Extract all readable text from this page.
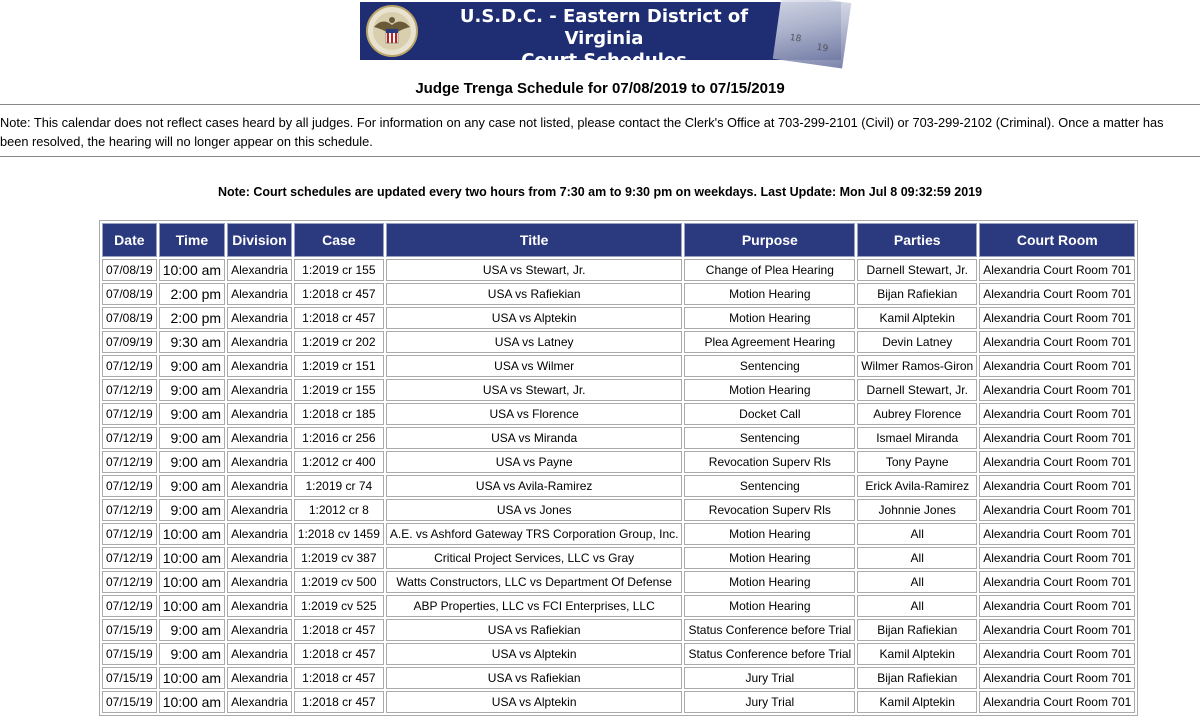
18
19
U.S.D.C. - Eastern District of Virginia
Court Schedules
Judge Trenga Schedule for 07/08/2019 to 07/15/2019
Note: This calendar does not reflect cases heard by all judges. For information on any case not listed, please contact the Clerk's Office at 703-299-2101 (Civil) or 703-299-2102 (Criminal). Once a matter has been resolved, the hearing will no longer appear on this schedule.
Note: Court schedules are updated every two hours from 7:30 am to 9:30 pm on weekdays. Last Update: Mon Jul 8 09:32:59 2019
Date	Time	Division	Case	Title	Purpose	Parties	Court Room
07/08/19	10:00 am	Alexandria	1:2019 cr 155	USA vs Stewart, Jr.	Change of Plea Hearing	Darnell Stewart, Jr.	Alexandria Court Room 701
07/08/19	2:00 pm	Alexandria	1:2018 cr 457	USA vs Rafiekian	Motion Hearing	Bijan Rafiekian	Alexandria Court Room 701
07/08/19	2:00 pm	Alexandria	1:2018 cr 457	USA vs Alptekin	Motion Hearing	Kamil Alptekin	Alexandria Court Room 701
07/09/19	9:30 am	Alexandria	1:2019 cr 202	USA vs Latney	Plea Agreement Hearing	Devin Latney	Alexandria Court Room 701
07/12/19	9:00 am	Alexandria	1:2019 cr 151	USA vs Wilmer	Sentencing	Wilmer Ramos-Giron	Alexandria Court Room 701
07/12/19	9:00 am	Alexandria	1:2019 cr 155	USA vs Stewart, Jr.	Motion Hearing	Darnell Stewart, Jr.	Alexandria Court Room 701
07/12/19	9:00 am	Alexandria	1:2018 cr 185	USA vs Florence	Docket Call	Aubrey Florence	Alexandria Court Room 701
07/12/19	9:00 am	Alexandria	1:2016 cr 256	USA vs Miranda	Sentencing	Ismael Miranda	Alexandria Court Room 701
07/12/19	9:00 am	Alexandria	1:2012 cr 400	USA vs Payne	Revocation Superv Rls	Tony Payne	Alexandria Court Room 701
07/12/19	9:00 am	Alexandria	1:2019 cr 74	USA vs Avila-Ramirez	Sentencing	Erick Avila-Ramirez	Alexandria Court Room 701
07/12/19	9:00 am	Alexandria	1:2012 cr 8	USA vs Jones	Revocation Superv Rls	Johnnie Jones	Alexandria Court Room 701
07/12/19	10:00 am	Alexandria	1:2018 cv 1459	A.E. vs Ashford Gateway TRS Corporation Group, Inc.	Motion Hearing	All	Alexandria Court Room 701
07/12/19	10:00 am	Alexandria	1:2019 cv 387	Critical Project Services, LLC vs Gray	Motion Hearing	All	Alexandria Court Room 701
07/12/19	10:00 am	Alexandria	1:2019 cv 500	Watts Constructors, LLC vs Department Of Defense	Motion Hearing	All	Alexandria Court Room 701
07/12/19	10:00 am	Alexandria	1:2019 cv 525	ABP Properties, LLC vs FCI Enterprises, LLC	Motion Hearing	All	Alexandria Court Room 701
07/15/19	9:00 am	Alexandria	1:2018 cr 457	USA vs Rafiekian	Status Conference before Trial	Bijan Rafiekian	Alexandria Court Room 701
07/15/19	9:00 am	Alexandria	1:2018 cr 457	USA vs Alptekin	Status Conference before Trial	Kamil Alptekin	Alexandria Court Room 701
07/15/19	10:00 am	Alexandria	1:2018 cr 457	USA vs Rafiekian	Jury Trial	Bijan Rafiekian	Alexandria Court Room 701
07/15/19	10:00 am	Alexandria	1:2018 cr 457	USA vs Alptekin	Jury Trial	Kamil Alptekin	Alexandria Court Room 701
